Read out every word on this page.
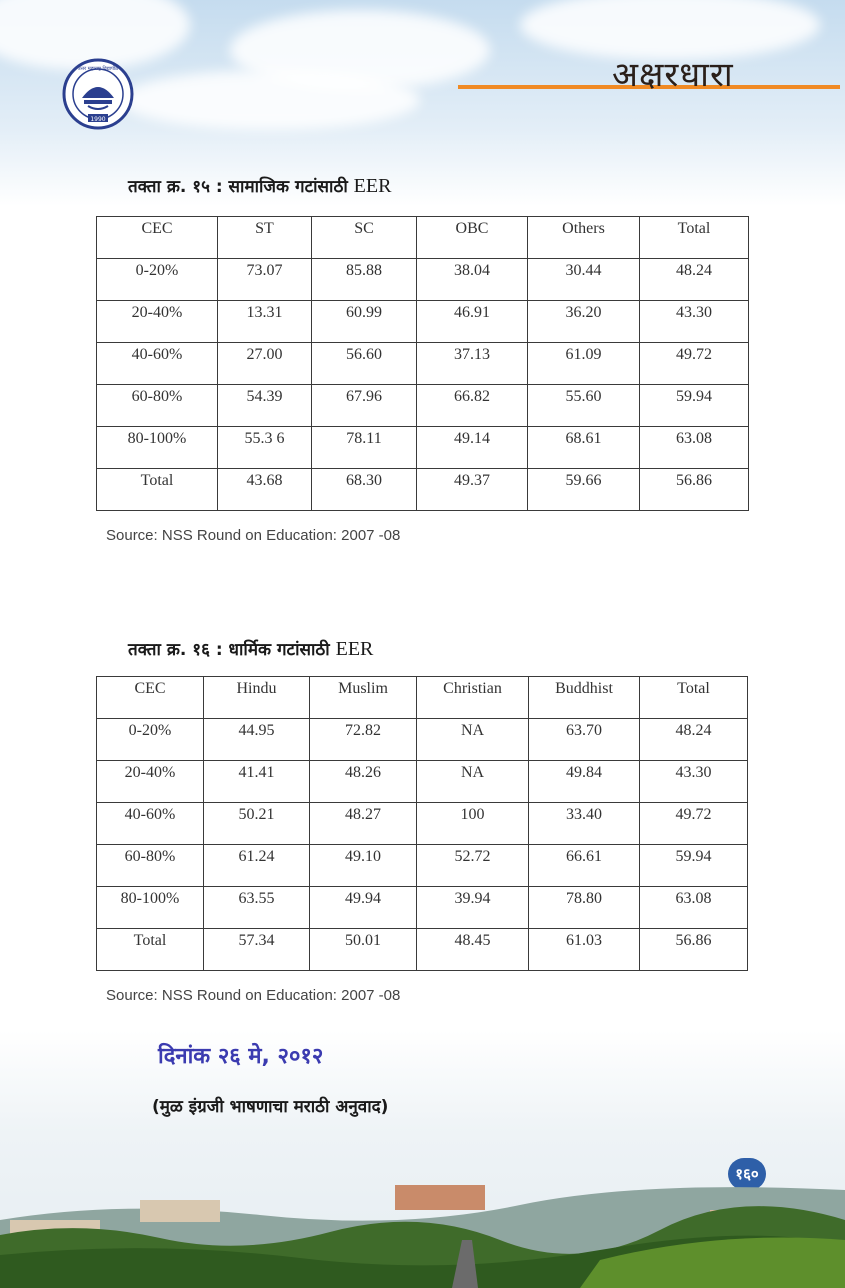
1990
उत्तर महाराष्ट्र विद्यापीठ	अक्षरधारा
तक्ता क्र. १५ : सामाजिक गटांसाठी EER
CEC	ST	SC	OBC	Others	Total
0-20%	73.07	85.88	38.04	30.44	48.24
20-40%	13.31	60.99	46.91	36.20	43.30
40-60%	27.00	56.60	37.13	61.09	49.72
60-80%	54.39	67.96	66.82	55.60	59.94
80-100%	55.3 6	78.11	49.14	68.61	63.08
Total	43.68	68.30	49.37	59.66	56.86
Source: NSS Round on Education: 2007 -08
तक्ता क्र. १६ : धार्मिक गटांसाठी EER
CEC	Hindu	Muslim	Christian	Buddhist	Total
0-20%	44.95	72.82	NA	63.70	48.24
20-40%	41.41	48.26	NA	49.84	43.30
40-60%	50.21	48.27	100	33.40	49.72
60-80%	61.24	49.10	52.72	66.61	59.94
80-100%	63.55	49.94	39.94	78.80	63.08
Total	57.34	50.01	48.45	61.03	56.86
Source: NSS Round on Education: 2007 -08
दिनांक २६ मे, २०१२
(मुळ इंग्रजी भाषणाचा मराठी अनुवाद)
१६०
